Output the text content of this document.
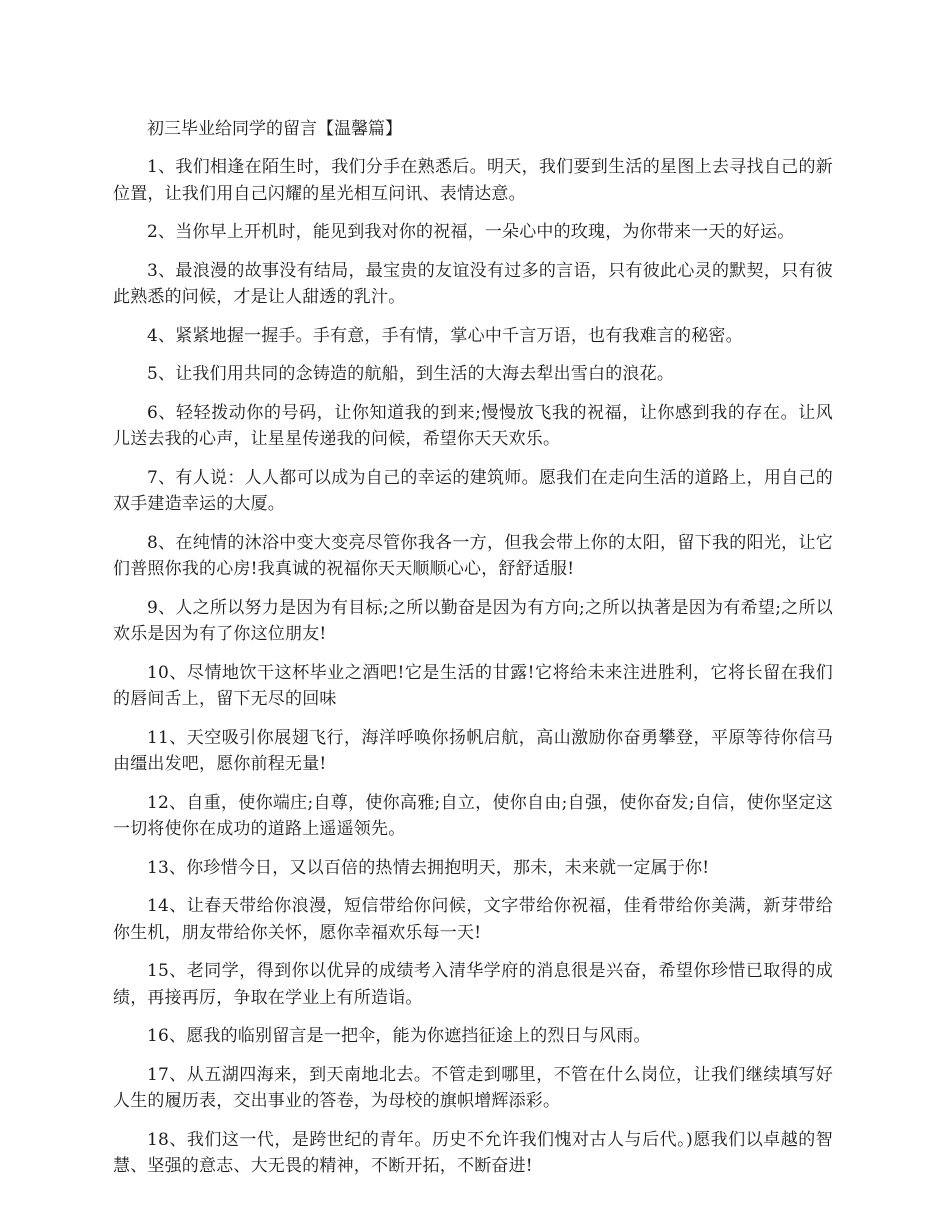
初三毕业给同学的留言【温馨篇】

1、我们相逢在陌生时，我们分手在熟悉后。明天，我们要到生活的星图上去寻找自己的新位置，让我们用自己闪耀的星光相互问讯、表情达意。

2、当你早上开机时，能见到我对你的祝福，一朵心中的玫瑰，为你带来一天的好运。

3、最浪漫的故事没有结局，最宝贵的友谊没有过多的言语，只有彼此心灵的默契，只有彼此熟悉的问候，才是让人甜透的乳汁。

4、紧紧地握一握手。手有意，手有情，掌心中千言万语，也有我难言的秘密。

5、让我们用共同的念铸造的航船，到生活的大海去犁出雪白的浪花。

6、轻轻拨动你的号码，让你知道我的到来;慢慢放飞我的祝福，让你感到我的存在。让风儿送去我的心声，让星星传递我的问候，希望你天天欢乐。

7、有人说：人人都可以成为自己的幸运的建筑师。愿我们在走向生活的道路上，用自己的双手建造幸运的大厦。

8、在纯情的沐浴中变大变亮尽管你我各一方，但我会带上你的太阳，留下我的阳光，让它们普照你我的心房!我真诚的祝福你天天顺顺心心，舒舒适服!

9、人之所以努力是因为有目标;之所以勤奋是因为有方向;之所以执著是因为有希望;之所以欢乐是因为有了你这位朋友!

10、尽情地饮干这杯毕业之酒吧!它是生活的甘露!它将给未来注进胜利，它将长留在我们的唇间舌上，留下无尽的回味

11、天空吸引你展翅飞行，海洋呼唤你扬帆启航，高山激励你奋勇攀登，平原等待你信马由缰出发吧，愿你前程无量!

12、自重，使你端庄;自尊，使你高雅;自立，使你自由;自强，使你奋发;自信，使你坚定这一切将使你在成功的道路上遥遥领先。

13、你珍惜今日，又以百倍的热情去拥抱明天，那未，未来就一定属于你!

14、让春天带给你浪漫，短信带给你问候，文字带给你祝福，佳肴带给你美满，新芽带给你生机，朋友带给你关怀，愿你幸福欢乐每一天!

15、老同学，得到你以优异的成绩考入清华学府的消息很是兴奋，希望你珍惜已取得的成绩，再接再厉，争取在学业上有所造诣。

16、愿我的临别留言是一把伞，能为你遮挡征途上的烈日与风雨。

17、从五湖四海来，到天南地北去。不管走到哪里，不管在什么岗位，让我们继续填写好人生的履历表，交出事业的答卷，为母校的旗帜增辉添彩。

18、我们这一代，是跨世纪的青年。历史不允许我们愧对古人与后代。)愿我们以卓越的智慧、坚强的意志、大无畏的精神，不断开拓，不断奋进!
